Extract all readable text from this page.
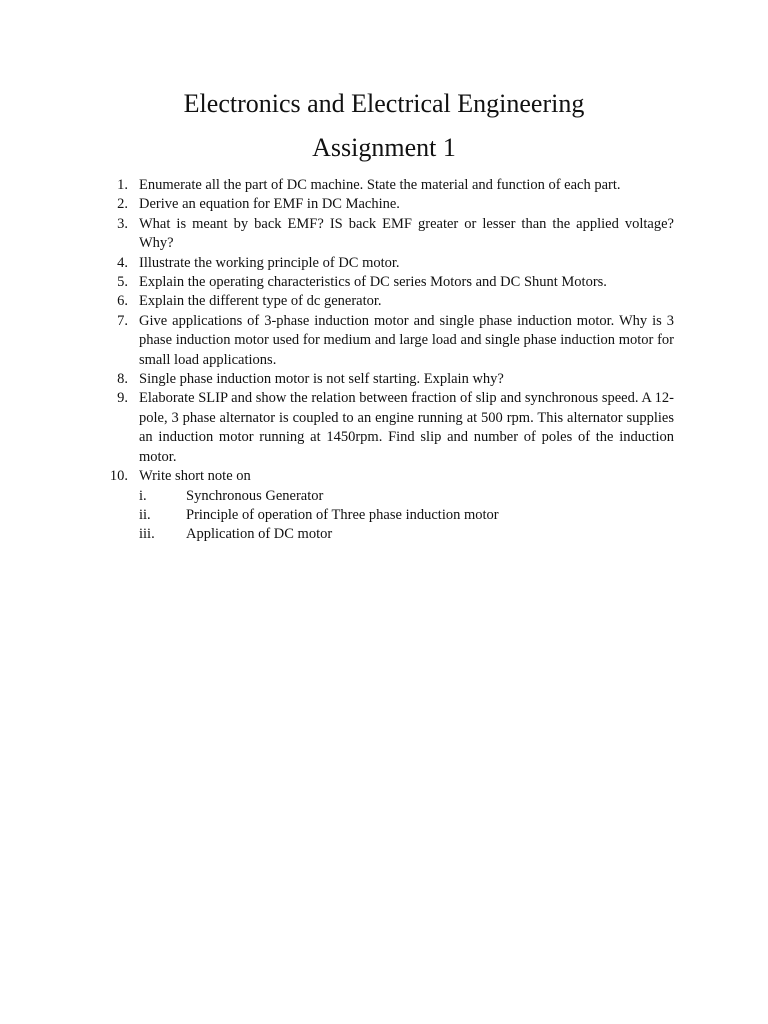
Electronics and Electrical Engineering
Assignment 1
1. Enumerate all the part of DC machine. State the material and function of each part.
2. Derive an equation for EMF in DC Machine.
3. What is meant by back EMF? IS back EMF greater or lesser than the applied voltage? Why?
4. Illustrate the working principle of DC motor.
5. Explain the operating characteristics of DC series Motors and DC Shunt Motors.
6. Explain the different type of dc generator.
7. Give applications of 3-phase induction motor and single phase induction motor. Why is 3 phase induction motor used for medium and large load and single phase induction motor for small load applications.
8. Single phase induction motor is not self starting. Explain why?
9. Elaborate SLIP and show the relation between fraction of slip and synchronous speed. A 12-pole, 3 phase alternator is coupled to an engine running at 500 rpm. This alternator supplies an induction motor running at 1450rpm. Find slip and number of poles of the induction motor.
10. Write short note on
i.	Synchronous Generator
ii.	Principle of operation of Three phase induction motor
iii.	Application of DC motor
